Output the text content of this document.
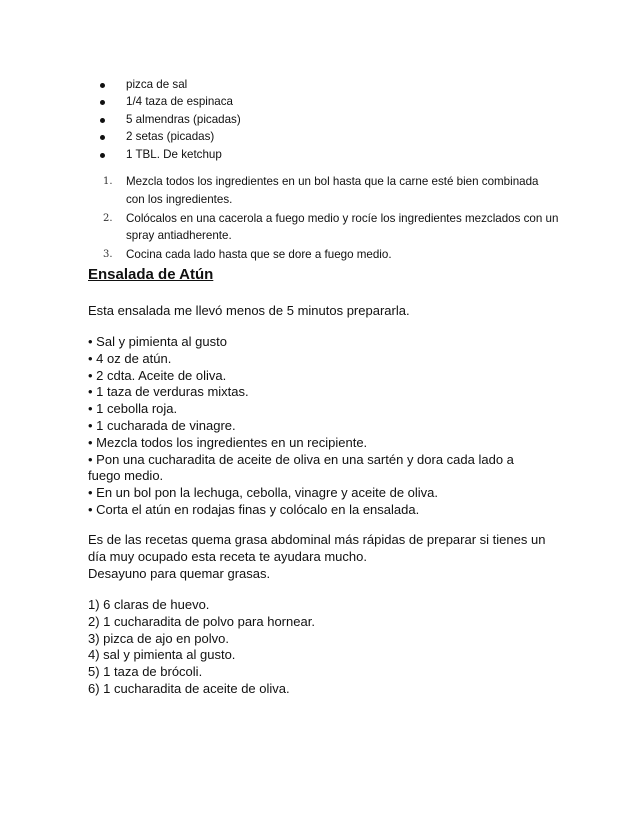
pizca de sal
1/4 taza de espinaca
5 almendras (picadas)
2 setas (picadas)
1 TBL. De ketchup
1. Mezcla todos los ingredientes en un bol hasta que la carne esté bien combinada con los ingredientes.
2. Colócalos en una cacerola a fuego medio y rocíe los ingredientes mezclados con un spray antiadherente.
3. Cocina cada lado hasta que se dore a fuego medio.
Ensalada de Atún
Esta ensalada me llevó menos de 5 minutos prepararla.
• Sal y pimienta al gusto
• 4 oz de atún.
• 2 cdta. Aceite de oliva.
• 1 taza de verduras mixtas.
• 1 cebolla roja.
• 1 cucharada de vinagre.
• Mezcla todos los ingredientes en un recipiente.
• Pon una cucharadita de aceite de oliva en una sartén y dora cada lado a fuego medio.
• En un bol pon la lechuga, cebolla, vinagre y aceite de oliva.
• Corta el atún en rodajas finas y colócalo en la ensalada.
Es de las recetas quema grasa abdominal más rápidas de preparar si tienes un día muy ocupado esta receta te ayudara mucho.
Desayuno para quemar grasas.
1) 6 claras de huevo.
2) 1 cucharadita de polvo para hornear.
3) pizca de ajo en polvo.
4) sal y pimienta al gusto.
5) 1 taza de brócoli.
6) 1 cucharadita de aceite de oliva.
